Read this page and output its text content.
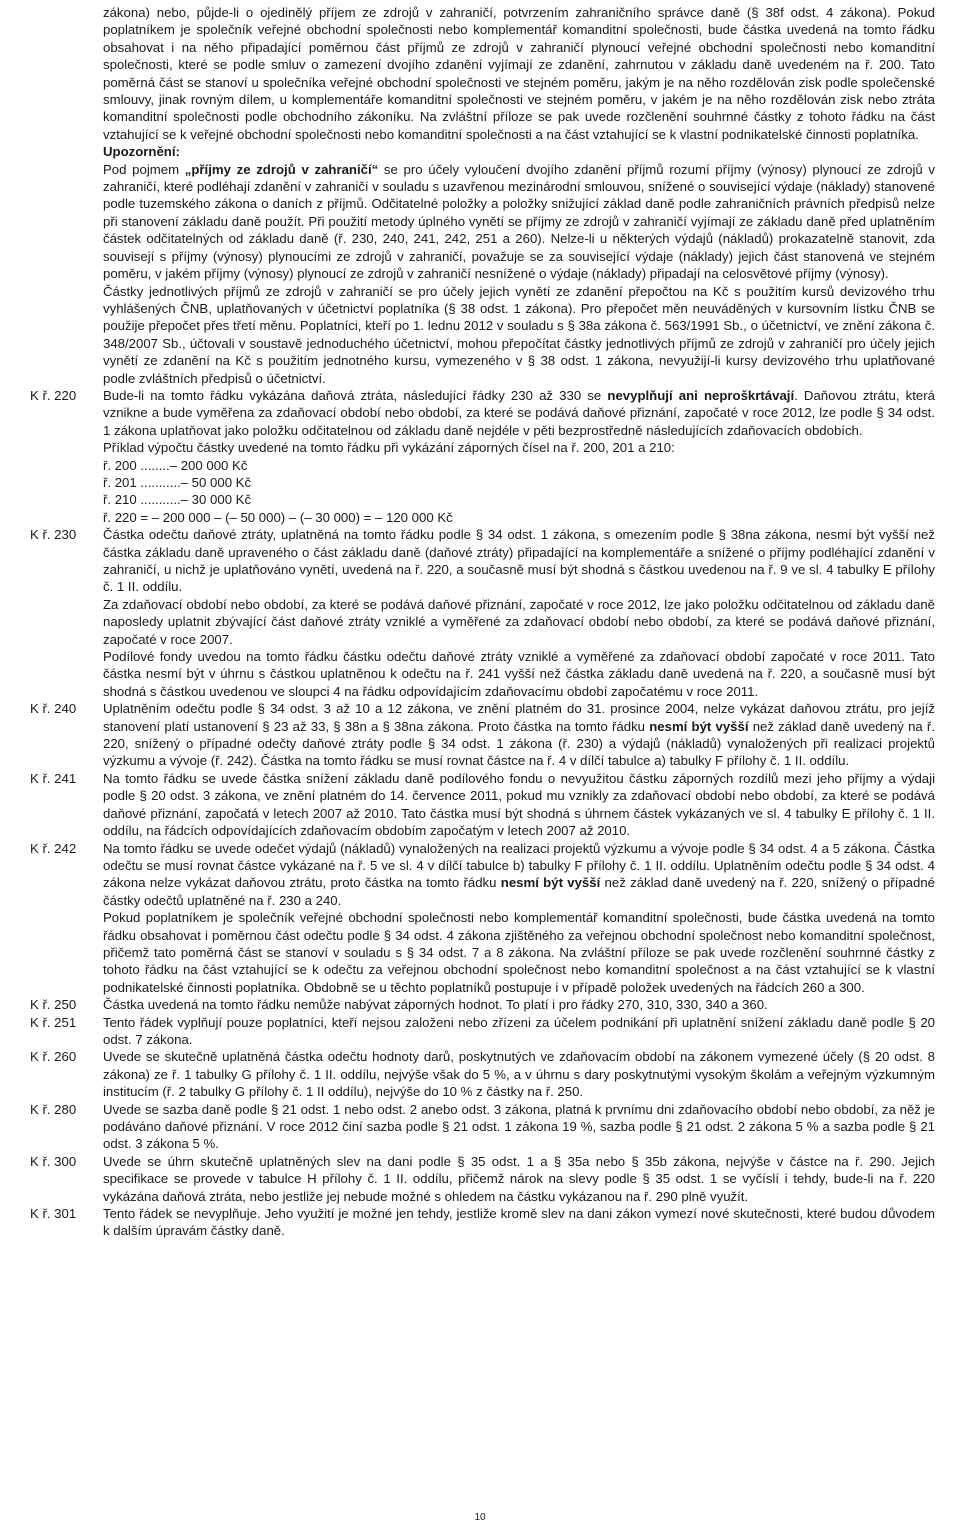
zákona) nebo, půjde-li o ojedinělý příjem ze zdrojů v zahraničí, potvrzením zahraničního správce daně (§ 38f odst. 4 zákona). Pokud poplatníkem je společník veřejné obchodní společnosti nebo komplementář komanditní společnosti, bude částka uvedená na tomto řádku obsahovat i na něho připadající poměrnou část příjmů ze zdrojů v zahraničí plynoucí veřejné obchodní společnosti nebo komanditní společnosti, které se podle smluv o zamezení dvojího zdanění vyjímají ze zdanění, zahrnutou v základu daně uvedeném na ř. 200. Tato poměrná část se stanoví u společníka veřejné obchodní společnosti ve stejném poměru, jakým je na něho rozdělován zisk podle společenské smlouvy, jinak rovným dílem, u komplementáře komanditní společnosti ve stejném poměru, v jakém je na něho rozdělován zisk nebo ztráta komanditní společnosti podle obchodního zákoníku. Na zvláštní příloze se pak uvede rozčlenění souhrnné částky z tohoto řádku na část vztahující se k veřejné obchodní společnosti nebo komanditní společnosti a na část vztahující se k vlastní podnikatelské činnosti poplatníka.

Upozornění:

Pod pojmem „příjmy ze zdrojů v zahraničí“ se pro účely vyloučení dvojího zdanění příjmů rozumí příjmy (výnosy) plynoucí ze zdrojů v zahraničí, které podléhají zdanění v zahraničí v souladu s uzavřenou mezinárodní smlouvou, snížené o související výdaje (náklady) stanovené podle tuzemského zákona o daních z příjmů. Odčitatelné položky a položky snižující základ daně podle zahraničních právních předpisů nelze při stanovení základu daně použít. Při použití metody úplného vynětí se příjmy ze zdrojů v zahraničí vyjímají ze základu daně před uplatněním částek odčitatelných od základu daně (ř. 230, 240, 241, 242, 251 a 260). Nelze-li u některých výdajů (nákladů) prokazatelně stanovit, zda souvisejí s příjmy (výnosy) plynoucími ze zdrojů v zahraničí, považuje se za související výdaje (náklady) jejich část stanovená ve stejném poměru, v jakém příjmy (výnosy) plynoucí ze zdrojů v zahraničí nesnížené o výdaje (náklady) připadají na celosvětové příjmy (výnosy).

Částky jednotlivých příjmů ze zdrojů v zahraničí se pro účely jejich vynětí ze zdanění přepočtou na Kč s použitím kursů devizového trhu vyhlášených ČNB, uplatňovaných v účetnictví poplatníka (§ 38 odst. 1 zákona). Pro přepočet měn neuváděných v kursovním lístku ČNB se použije přepočet přes třetí měnu. Poplatníci, kteří po 1. lednu 2012 v souladu s § 38a zákona č. 563/1991 Sb., o účetnictví, ve znění zákona č. 348/2007 Sb., účtovali v soustavě jednoduchého účetnictví, mohou přepočítat částky jednotlivých příjmů ze zdrojů v zahraničí pro účely jejich vynětí ze zdanění na Kč s použitím jednotného kursu, vymezeného v § 38 odst. 1 zákona, nevyužijí-li kursy devizového trhu uplatňované podle zvláštních předpisů o účetnictví.

K ř. 220	Bude-li na tomto řádku vykázána daňová ztráta, následující řádky 230 až 330 se nevyplňují ani neproškrtávají. Daňovou ztrátu, která vznikne a bude vyměřena za zdaňovací období nebo období, za které se podává daňové přiznání, započaté v roce 2012, lze podle § 34 odst. 1 zákona uplatňovat jako položku odčitatelnou od základu daně nejdéle v pěti bezprostředně následujících zdaňovacích obdobích.

Příklad výpočtu částky uvedené na tomto řádku při vykázání záporných čísel na ř. 200, 201 a 210:

ř. 200 ........– 200 000 Kč

ř. 201 ...........– 50 000 Kč

ř. 210 ...........– 30 000 Kč

ř. 220 = – 200 000 – (– 50 000) – (– 30 000) = – 120 000 Kč

K ř. 230	Částka odečtu daňové ztráty, uplatněná na tomto řádku podle § 34 odst. 1 zákona, s omezením podle § 38na zákona, nesmí být vyšší než částka základu daně upraveného o část základu daně (daňové ztráty) připadající na komplementáře a snížené o příjmy podléhající zdanění v zahraničí, u nichž je uplatňováno vynětí, uvedená na ř. 220, a současně musí být shodná s částkou uvedenou na ř. 9 ve sl. 4 tabulky E přílohy č. 1 II. oddílu.

Za zdaňovací období nebo období, za které se podává daňové přiznání, započaté v roce 2012, lze jako položku odčitatelnou od základu daně naposledy uplatnit zbývající část daňové ztráty vzniklé a vyměřené za zdaňovací období nebo období, za které se podává daňové přiznání, započaté v roce 2007.

Podílové fondy uvedou na tomto řádku částku odečtu daňové ztráty vzniklé a vyměřené za zdaňovací období započaté v roce 2011. Tato částka nesmí být v úhrnu s částkou uplatněnou k odečtu na ř. 241 vyšší než částka základu daně uvedená na ř. 220, a současně musí být shodná s částkou uvedenou ve sloupci 4 na řádku odpovídajícím zdaňovacímu období započatému v roce 2011.

K ř. 240	Uplatněním odečtu podle § 34 odst. 3 až 10 a 12 zákona, ve znění platném do 31. prosince 2004, nelze vykázat daňovou ztrátu, pro jejíž stanovení platí ustanovení § 23 až 33, § 38n a § 38na zákona. Proto částka na tomto řádku nesmí být vyšší než základ daně uvedený na ř. 220, snížený o případné odečty daňové ztráty podle § 34 odst. 1 zákona (ř. 230) a výdajů (nákladů) vynaložených při realizaci projektů výzkumu a vývoje (ř. 242). Částka na tomto řádku se musí rovnat částce na ř. 4 v dílčí tabulce a) tabulky F přílohy č. 1 II. oddílu.

K ř. 241	Na tomto řádku se uvede částka snížení základu daně podílového fondu o nevyužitou částku záporných rozdílů mezi jeho příjmy a výdaji podle § 20 odst. 3 zákona, ve znění platném do 14. července 2011, pokud mu vznikly za zdaňovací období nebo období, za které se podává daňové přiznání, započatá v letech 2007 až 2010. Tato částka musí být shodná s úhrnem částek vykázaných ve sl. 4 tabulky E přílohy č. 1 II. oddílu, na řádcích odpovídajících zdaňovacím obdobím započatým v letech 2007 až 2010.

K ř. 242	Na tomto řádku se uvede odečet výdajů (nákladů) vynaložených na realizaci projektů výzkumu a vývoje podle § 34 odst. 4 a 5 zákona. Částka odečtu se musí rovnat částce vykázané na ř. 5 ve sl. 4 v dílčí tabulce b) tabulky F přílohy č. 1 II. oddílu. Uplatněním odečtu podle § 34 odst. 4 zákona nelze vykázat daňovou ztrátu, proto částka na tomto řádku nesmí být vyšší než základ daně uvedený na ř. 220, snížený o případné částky odečtů uplatněné na ř. 230 a 240.

Pokud poplatníkem je společník veřejné obchodní společnosti nebo komplementář komanditní společnosti, bude částka uvedená na tomto řádku obsahovat i poměrnou část odečtu podle § 34 odst. 4 zákona zjištěného za veřejnou obchodní společnost nebo komanditní společnost, přičemž tato poměrná část se stanoví v souladu s § 34 odst. 7 a 8 zákona. Na zvláštní příloze se pak uvede rozčlenění souhrnné částky z tohoto řádku na část vztahující se k odečtu za veřejnou obchodní společnost nebo komanditní společnost a na část vztahující se k vlastní podnikatelské činnosti poplatníka. Obdobně se u těchto poplatníků postupuje i v případě položek uvedených na řádcích 260 a 300.

K ř. 250	Částka uvedená na tomto řádku nemůže nabývat záporných hodnot. To platí i pro řádky 270, 310, 330, 340 a 360.

K ř. 251	Tento řádek vyplňují pouze poplatníci, kteří nejsou založeni nebo zřízeni za účelem podnikání při uplatnění snížení základu daně podle § 20 odst. 7 zákona.

K ř. 260	Uvede se skutečně uplatněná částka odečtu hodnoty darů, poskytnutých ve zdaňovacím období na zákonem vymezené účely (§ 20 odst. 8 zákona) ze ř. 1 tabulky G přílohy č. 1 II. oddílu, nejvýše však do 5 %, a v úhrnu s dary poskytnutými vysokým školám a veřejným výzkumným institucím (ř. 2 tabulky G přílohy č. 1 II oddílu), nejvýše do 10 % z částky na ř. 250.

K ř. 280	Uvede se sazba daně podle § 21 odst. 1 nebo odst. 2 anebo odst. 3 zákona, platná k prvnímu dni zdaňovacího období nebo období, za něž je podáváno daňové přiznání. V roce 2012 činí sazba podle § 21 odst. 1 zákona 19 %, sazba podle § 21 odst. 2 zákona 5 % a sazba podle § 21 odst. 3 zákona 5 %.

K ř. 300	Uvede se úhrn skutečně uplatněných slev na dani podle § 35 odst. 1 a § 35a nebo § 35b zákona, nejvýše v částce na ř. 290. Jejich specifikace se provede v tabulce H přílohy č. 1 II. oddílu, přičemž nárok na slevy podle § 35 odst. 1 se vyčíslí i tehdy, bude-li na ř. 220 vykázána daňová ztráta, nebo jestliže jej nebude možné s ohledem na částku vykázanou na ř. 290 plně využít.

K ř. 301	Tento řádek se nevyplňuje. Jeho využití je možné jen tehdy, jestliže kromě slev na dani zákon vymezí nové skutečnosti, které budou důvodem k dalším úpravám částky daně.

10
